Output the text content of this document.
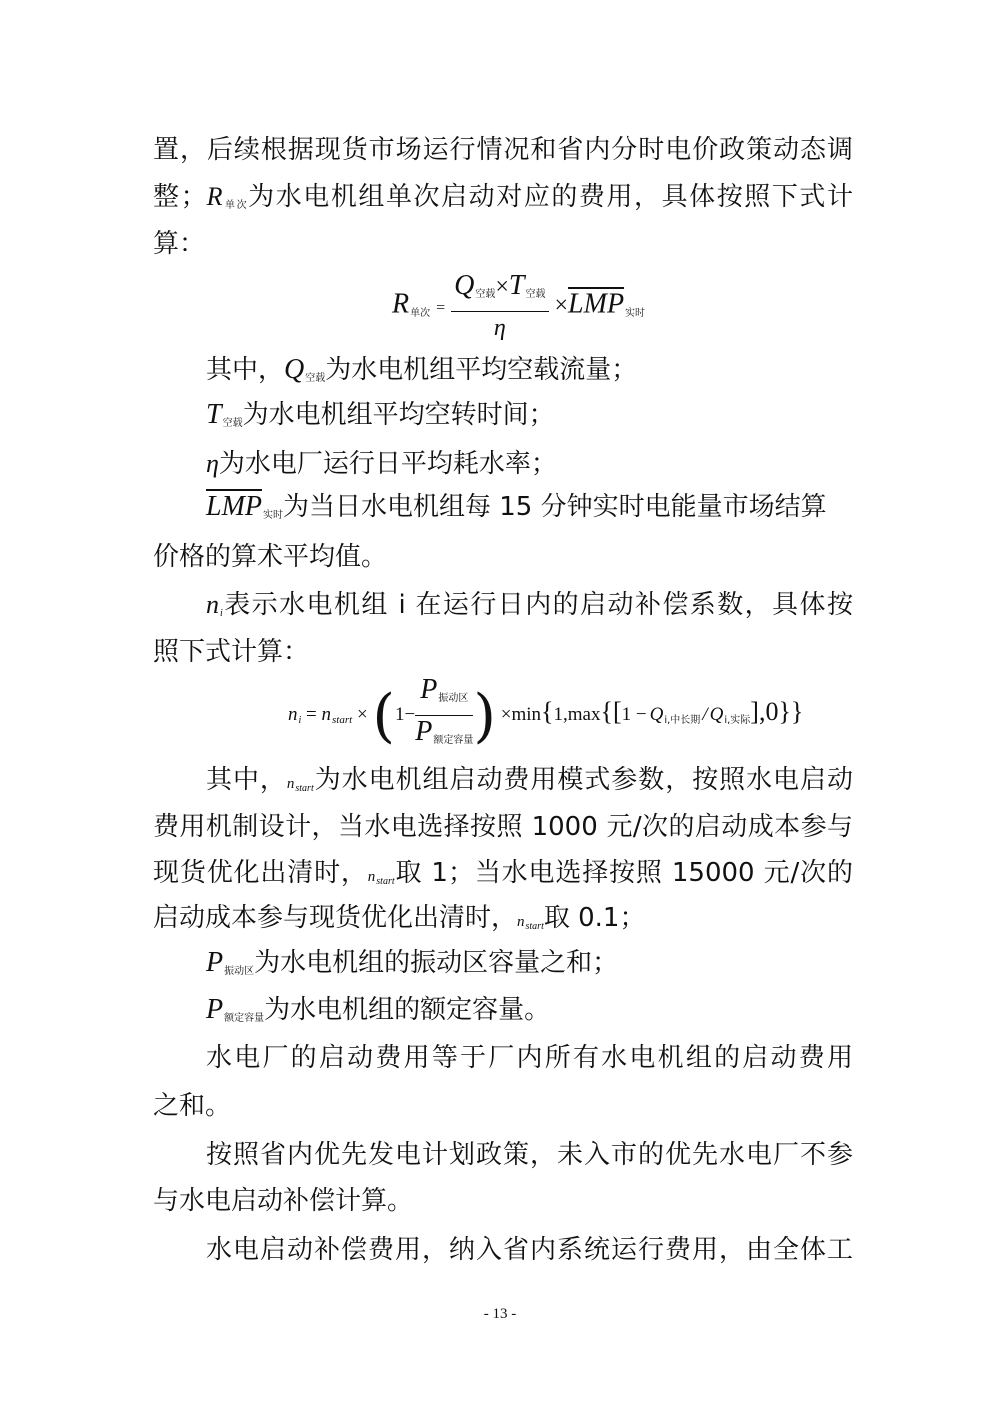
置，后续根据现货市场运行情况和省内分时电价政策动态调
整；$R_{单次}$为水电机组单次启动对应的费用，具体按照下式计
算：
$R_{单次} = \frac{Q_{空载}\times T_{空载}}{\eta} \times\overline{LMP}_{实时}$
其中，$Q_{空载}$为水电机组平均空载流量；
$T_{空载}$为水电机组平均空转时间；
η为水电厂运行日平均耗水率；
$\overline{LMP}_{实时}$为当日水电机组每 15 分钟实时电能量市场结算
价格的算术平均值。
$n_i$表示水电机组 i 在运行日内的启动补偿系数，具体按
照下式计算：
$n_i = n_{start} \times (1- \frac{P_{振动区}}{P_{额定容量}}$ ) $\times\min\{1,\max\{[1 - Q_{i,中长期} / Q_{i,实际}],0\}\}$
其中，$n_{start}$为水电机组启动费用模式参数，按照水电启动
费用机制设计，当水电选择按照 1000 元/次的启动成本参与
现货优化出清时，$n_{start}$取 1；当水电选择按照 15000 元/次的
启动成本参与现货优化出清时，$n_{start}$取 0.1；
$P_{振动区}$为水电机组的振动区容量之和；
$P_{额定容量}$为水电机组的额定容量。
水电厂的启动费用等于厂内所有水电机组的启动费用
之和。
按照省内优先发电计划政策，未入市的优先水电厂不参
与水电启动补偿计算。
水电启动补偿费用，纳入省内系统运行费用，由全体工
- 13 -
